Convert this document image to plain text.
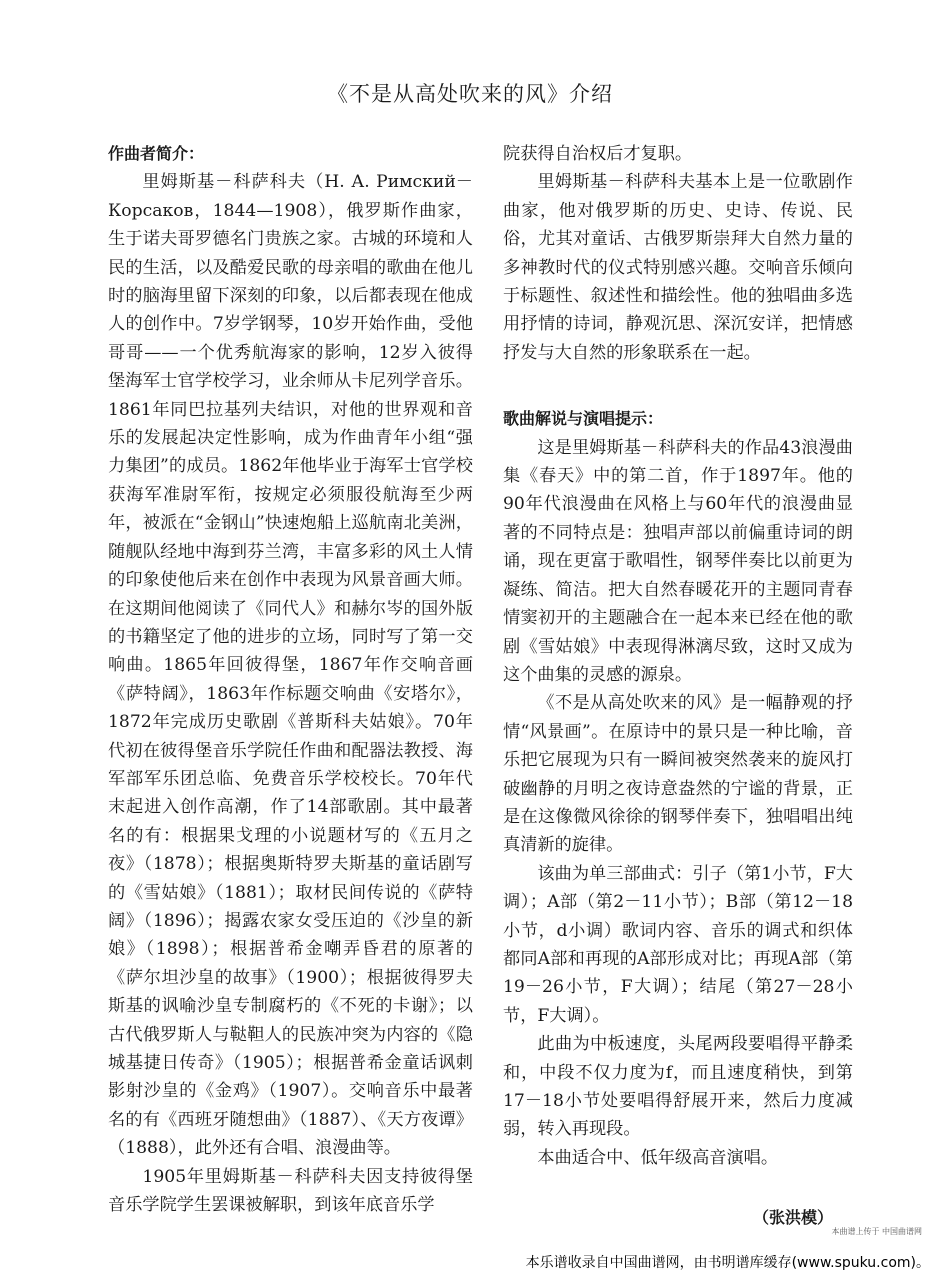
《不是从高处吹来的风》介绍
作曲者简介：

里姆斯基－科萨科夫（Н. А. Римский－Корсаков，1844—1908），俄罗斯作曲家，生于诺夫哥罗德名门贵族之家。古城的环境和人民的生活，以及酷爱民歌的母亲唱的歌曲在他儿时的脑海里留下深刻的印象，以后都表现在他成人的创作中。7岁学钢琴，10岁开始作曲，受他哥哥——一个优秀航海家的影响，12岁入彼得堡海军士官学校学习，业余师从卡尼列学音乐。1861年同巴拉基列夫结识，对他的世界观和音乐的发展起决定性影响，成为作曲青年小组“强力集团”的成员。1862年他毕业于海军士官学校获海军准尉军衔，按规定必须服役航海至少两年，被派在“金钢山”快速炮船上巡航南北美洲，随舰队经地中海到芬兰湾，丰富多彩的风土人情的印象使他后来在创作中表现为风景音画大师。在这期间他阅读了《同代人》和赫尔岑的国外版的书籍坚定了他的进步的立场，同时写了第一交响曲。1865年回彼得堡，1867年作交响音画《萨特阔》，1863年作标题交响曲《安塔尔》，1872年完成历史歌剧《普斯科夫姑娘》。70年代初在彼得堡音乐学院任作曲和配器法教授、海军部军乐团总临、免费音乐学校校长。70年代末起进入创作高潮，作了14部歌剧。其中最著名的有：根据果戈理的小说题材写的《五月之夜》（1878）；根据奥斯特罗夫斯基的童话剧写的《雪姑娘》（1881）；取材民间传说的《萨特阔》（1896）；揭露农家女受压迫的《沙皇的新娘》（1898）；根据普希金嘲弄昏君的原著的《萨尔坦沙皇的故事》（1900）；根据彼得罗夫斯基的讽喻沙皇专制腐朽的《不死的卡谢》；以古代俄罗斯人与鞑靼人的民族冲突为内容的《隐城基捷日传奇》（1905）；根据普希金童话讽刺影射沙皇的《金鸡》（1907）。交响音乐中最著名的有《西班牙随想曲》（1887）、《天方夜谭》（1888），此外还有合唱、浪漫曲等。

1905年里姆斯基－科萨科夫因支持彼得堡音乐学院学生罢课被解职，到该年底音乐学

院获得自治权后才复职。

里姆斯基－科萨科夫基本上是一位歌剧作曲家，他对俄罗斯的历史、史诗、传说、民俗，尤其对童话、古俄罗斯崇拜大自然力量的多神教时代的仪式特别感兴趣。交响音乐倾向于标题性、叙述性和描绘性。他的独唱曲多选用抒情的诗词，静观沉思、深沉安详，把情感抒发与大自然的形象联系在一起。

歌曲解说与演唱提示：

这是里姆斯基－科萨科夫的作品43浪漫曲集《春天》中的第二首，作于1897年。他的90年代浪漫曲在风格上与60年代的浪漫曲显著的不同特点是：独唱声部以前偏重诗词的朗诵，现在更富于歌唱性，钢琴伴奏比以前更为凝练、简洁。把大自然春暖花开的主题同青春情窦初开的主题融合在一起本来已经在他的歌剧《雪姑娘》中表现得淋漓尽致，这时又成为这个曲集的灵感的源泉。

《不是从高处吹来的风》是一幅静观的抒情“风景画”。在原诗中的景只是一种比喻，音乐把它展现为只有一瞬间被突然袭来的旋风打破幽静的月明之夜诗意盎然的宁谧的背景，正是在这像微风徐徐的钢琴伴奏下，独唱唱出纯真清新的旋律。

该曲为单三部曲式：引子（第1小节，F大调）；A部（第2－11小节）；B部（第12－18小节，d小调）歌词内容、音乐的调式和织体都同A部和再现的A部形成对比；再现A部（第19－26小节，F大调）；结尾（第27－28小节，F大调）。

此曲为中板速度，头尾两段要唱得平静柔和，中段不仅力度为f，而且速度稍快，到第17－18小节处要唱得舒展开来，然后力度减弱，转入再现段。

本曲适合中、低年级高音演唱。

（张洪模）
本曲谱上传于 中国曲谱网
本乐谱收录自中国曲谱网，由书明谱库缓存(www.spuku.com)。
